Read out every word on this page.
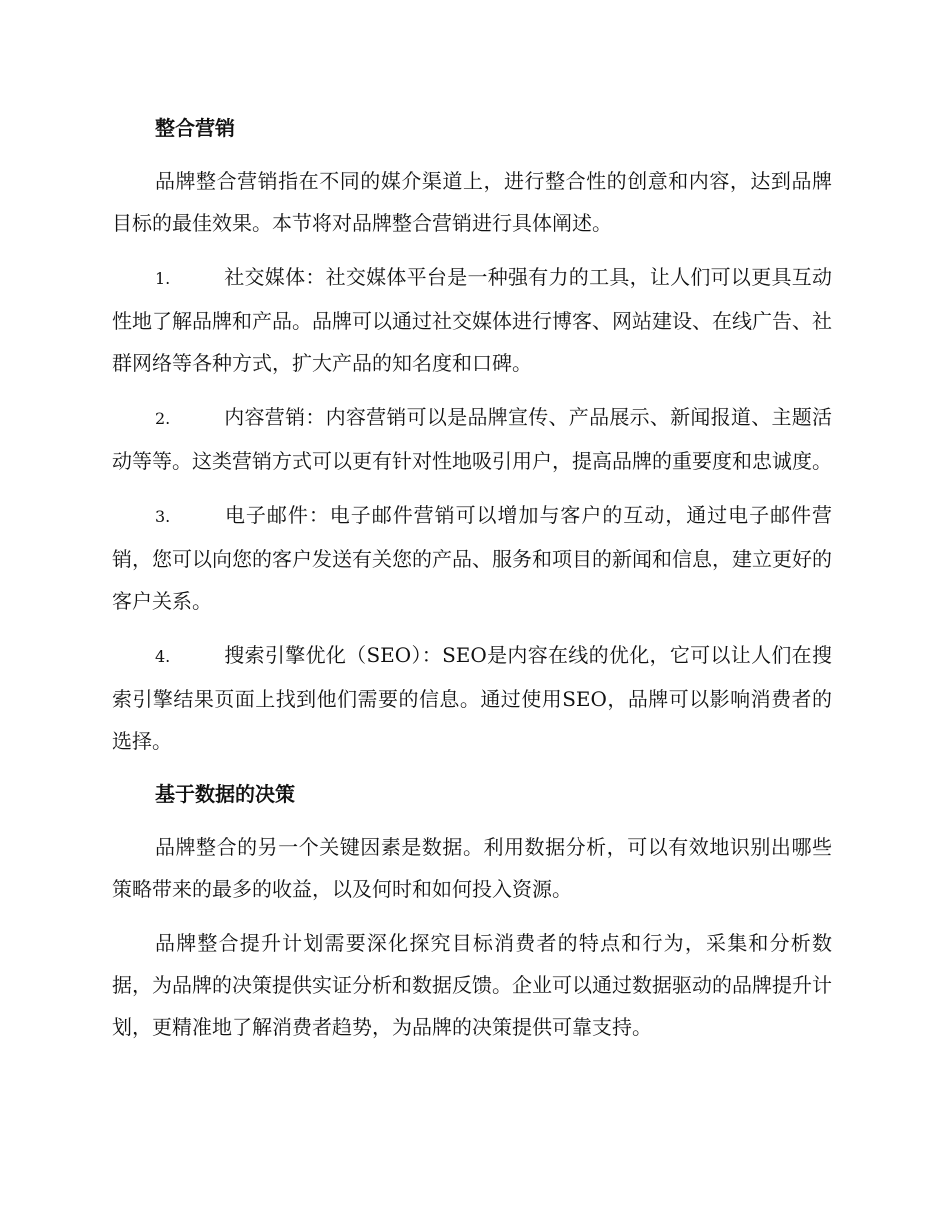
整合营销

品牌整合营销指在不同的媒介渠道上，进行整合性的创意和内容，达到品牌目标的最佳效果。本节将对品牌整合营销进行具体阐述。

1.	社交媒体：社交媒体平台是一种强有力的工具，让人们可以更具互动性地了解品牌和产品。品牌可以通过社交媒体进行博客、网站建设、在线广告、社群网络等各种方式，扩大产品的知名度和口碑。

2.	内容营销：内容营销可以是品牌宣传、产品展示、新闻报道、主题活动等等。这类营销方式可以更有针对性地吸引用户，提高品牌的重要度和忠诚度。

3.	电子邮件：电子邮件营销可以增加与客户的互动，通过电子邮件营销，您可以向您的客户发送有关您的产品、服务和项目的新闻和信息，建立更好的客户关系。

4.	搜索引擎优化（SEO）：SEO是内容在线的优化，它可以让人们在搜索引擎结果页面上找到他们需要的信息。通过使用SEO，品牌可以影响消费者的选择。

基于数据的决策

品牌整合的另一个关键因素是数据。利用数据分析，可以有效地识别出哪些策略带来的最多的收益，以及何时和如何投入资源。

品牌整合提升计划需要深化探究目标消费者的特点和行为，采集和分析数据，为品牌的决策提供实证分析和数据反馈。企业可以通过数据驱动的品牌提升计划，更精准地了解消费者趋势，为品牌的决策提供可靠支持。
